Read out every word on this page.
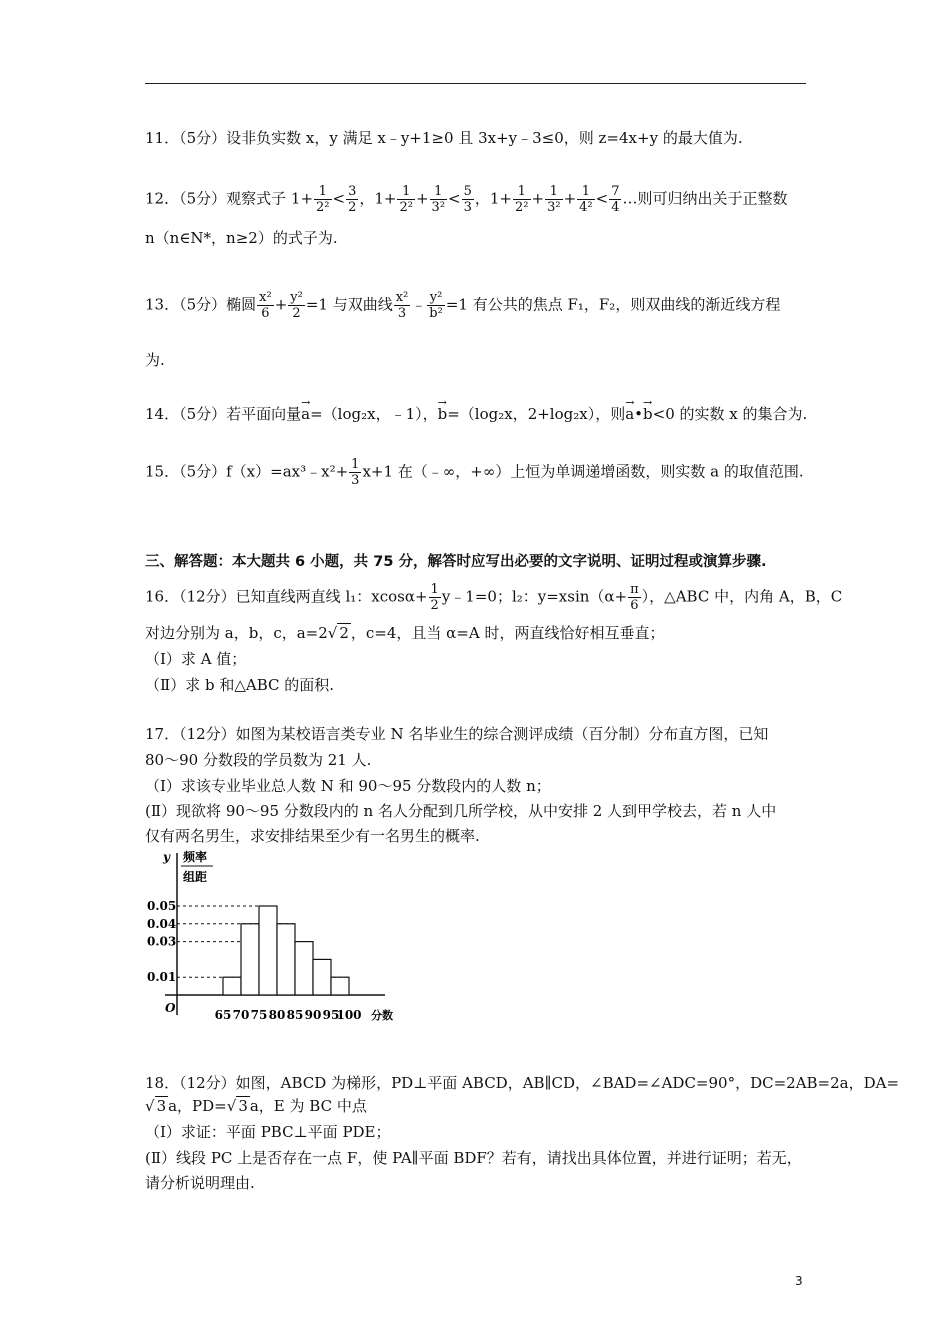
11．（5分）设非负实数 x，y 满足 x﹣y+1≥0 且 3x+y﹣3≤0，则 z=4x+y 的最大值为.
12．（5分）观察式子 $1+ \frac{1}{\text{2²}} < \frac{3}{2}$ ，$1+ \frac{1}{\text{2²}} + \frac{1}{\text{3²}} < \frac{5}{3}$ ，$1+ \frac{1}{\text{2²}} + \frac{1}{\text{3²}} + \frac{1}{\text{4²}} < \frac{7}{4}$ …则可归纳出关于正整数
n（n∈N*，n≥2）的式子为.
13．（5分）椭圆 $\frac{\text{x²}}{6} + \frac{\text{y²}}{2} =1$ 与双曲线 $\frac{\text{x²}}{3}$ ﹣ $\frac{\text{y²}}{\text{b²}} =1$ 有公共的焦点 F₁，F₂，则双曲线的渐近线方程
为.
14．（5分）若平面向量→ a=（log₂x，﹣1），→ b=（log₂x，2+log₂x），则→ a•→ b<0 的实数 x 的集合为.
15．（5分）f（x）=ax³﹣x²+ $\frac{1}{3} x+1$ 在（﹣∞，+∞）上恒为单调递增函数，则实数 a 的取值范围.
三、解答题：本大题共 6 小题，共 75 分，解答时应写出必要的文字说明、证明过程或演算步骤.
16．（12分）已知直线两直线 l₁：$xcos\alpha+ \frac{1}{2}$ y﹣1=0；l₂：$y=xsin(\alpha+ \frac{\pi}{6}$ ），△ABC 中，内角 A，B，C
对边分别为 a，b，c，a=2√ 2 ，c=4，且当 α=A 时，两直线恰好相互垂直；
（Ⅰ）求 A 值；
（Ⅱ）求 b 和△ABC 的面积.
17．（12分）如图为某校语言类专业 N 名毕业生的综合测评成绩（百分制）分布直方图，已知
80～90 分数段的学员数为 21 人.
（Ⅰ）求该专业毕业总人数 N 和 90～95 分数段内的人数 n；
(Ⅱ）现欲将 90～95 分数段内的 n 名人分配到几所学校，从中安排 2 人到甲学校去，若 n 人中
仅有两名男生，求安排结果至少有一名男生的概率.
y 频率
组距
O
分数
0.05
0.04
0.03
0.01
65 70 75 80 85 90 95
100
18．（12分）如图，ABCD 为梯形，PD⊥平面 ABCD，AB∥CD，∠BAD=∠ADC=90°，DC=2AB=2a，DA=
√ 3 a，PD=√ 3 a，E 为 BC 中点
（Ⅰ）求证：平面 PBC⊥平面 PDE；
(Ⅱ）线段 PC 上是否存在一点 F，使 PA∥平面 BDF？若有，请找出具体位置，并进行证明；若无，
请分析说明理由.
3
